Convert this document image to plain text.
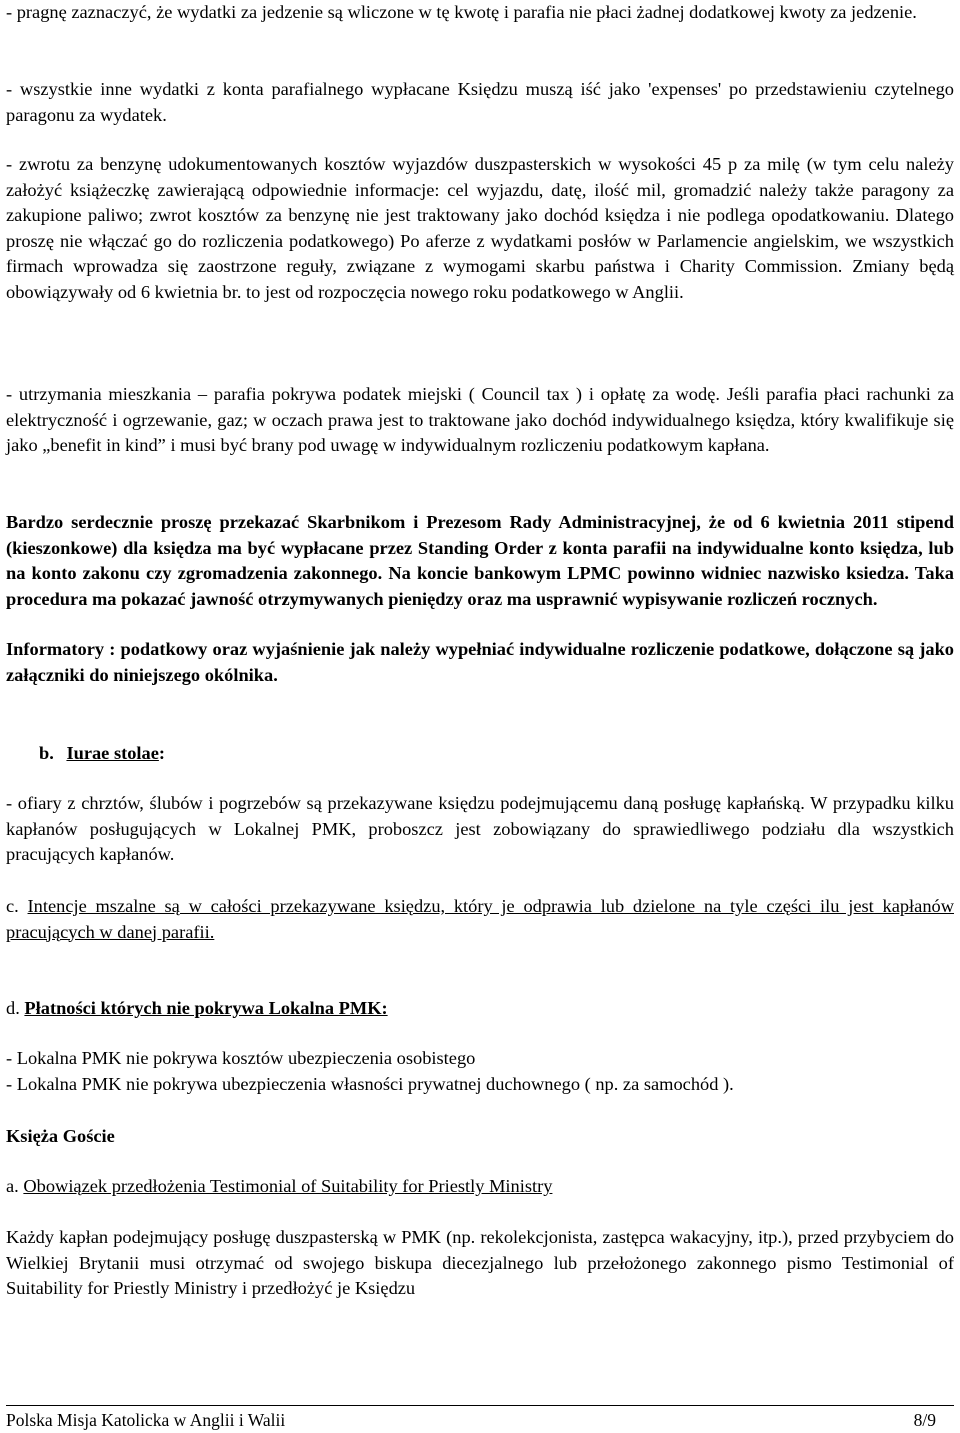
- pragnę zaznaczyć, że wydatki za jedzenie są wliczone w tę kwotę i parafia nie płaci żadnej dodatkowej kwoty za jedzenie.
- wszystkie inne wydatki z konta parafialnego wypłacane Księdzu muszą iść jako 'expenses' po przedstawieniu czytelnego paragonu za wydatek.
- zwrotu za benzynę udokumentowanych kosztów wyjazdów duszpasterskich w wysokości 45 p za milę (w tym celu należy założyć książeczkę zawierającą odpowiednie informacje: cel wyjazdu, datę, ilość mil, gromadzić należy także paragony za zakupione paliwo; zwrot kosztów za benzynę nie jest traktowany jako dochód księdza i nie podlega opodatkowaniu. Dlatego proszę nie włączać go do rozliczenia podatkowego) Po aferze z wydatkami posłów w Parlamencie angielskim, we wszystkich firmach wprowadza się zaostrzone reguły, związane z wymogami skarbu państwa i Charity Commission. Zmiany będą obowiązywały od 6 kwietnia br. to jest od rozpoczęcia nowego roku podatkowego w Anglii.
- utrzymania mieszkania – parafia pokrywa podatek miejski ( Council tax ) i opłatę za wodę. Jeśli parafia płaci rachunki za elektryczność i ogrzewanie, gaz; w oczach prawa jest to traktowane jako dochód indywidualnego księdza, który kwalifikuje się jako „benefit in kind” i musi być brany pod uwagę w indywidualnym rozliczeniu podatkowym kapłana.
Bardzo serdecznie proszę przekazać Skarbnikom i Prezesom Rady Administracyjnej, że od 6 kwietnia 2011 stipend (kieszonkowe) dla księdza ma być wypłacane przez Standing Order z konta parafii na indywidualne konto księdza, lub na konto zakonu czy zgromadzenia zakonnego. Na koncie bankowym LPMC powinno widniec nazwisko ksiedza. Taka procedura ma pokazać jawność otrzymywanych pieniędzy oraz ma usprawnić wypisywanie rozliczeń rocznych.
Informatory : podatkowy oraz wyjaśnienie jak należy wypełniać indywidualne rozliczenie podatkowe, dołączone są jako załączniki do niniejszego okólnika.
b. Iurae stolae:
- ofiary z chrztów, ślubów i pogrzebów są przekazywane księdzu podejmującemu daną posługę kapłańską. W przypadku kilku kapłanów posługujących w Lokalnej PMK, proboszcz jest zobowiązany do sprawiedliwego podziału dla wszystkich pracujących kapłanów.
c. Intencje mszalne są w całości przekazywane księdzu, który je odprawia lub dzielone na tyle części ilu jest kapłanów pracujących w danej parafii.
d. Płatności których nie pokrywa Lokalna PMK:
- Lokalna PMK nie pokrywa kosztów ubezpieczenia osobistego
- Lokalna PMK nie pokrywa ubezpieczenia własności prywatnej duchownego ( np. za samochód ).
Księża Goście
a. Obowiązek przedłożenia Testimonial of Suitability for Priestly Ministry
Każdy kapłan podejmujący posługę duszpasterską w PMK (np. rekolekcjonista, zastępca wakacyjny, itp.), przed przybyciem do Wielkiej Brytanii musi otrzymać od swojego biskupa diecezjalnego lub przełożonego zakonnego pismo Testimonial of Suitability for Priestly Ministry i przedłożyć je Księdzu
Polska Misja Katolicka w Anglii i Walii	8/9
